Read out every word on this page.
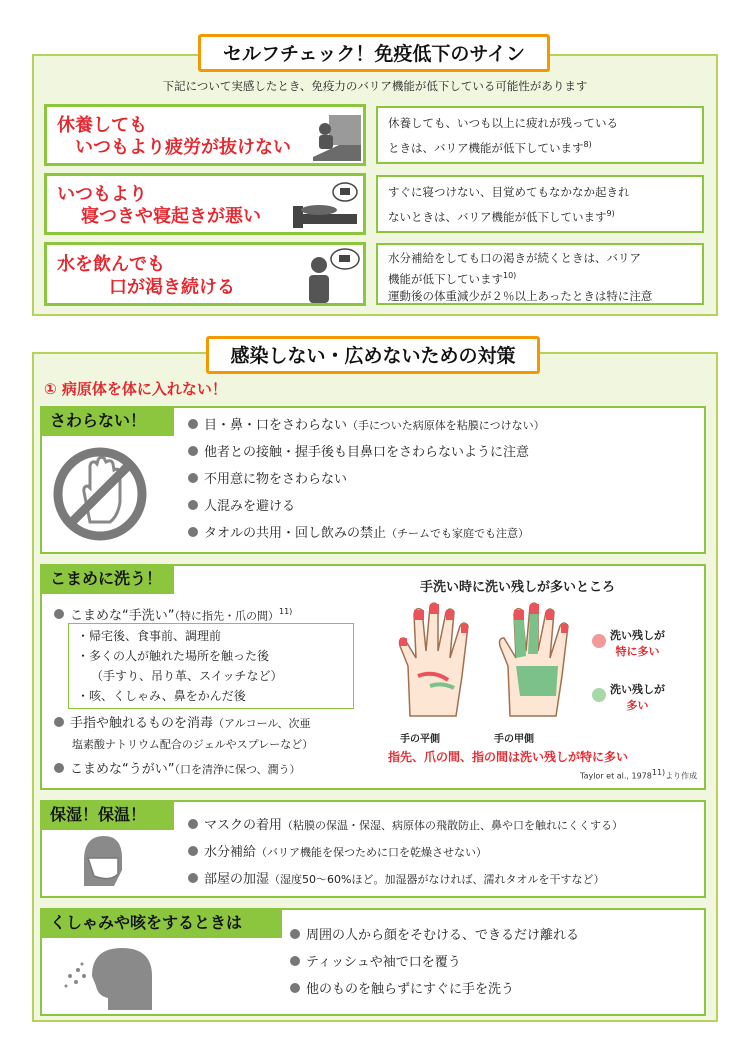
セルフチェック！免疫低下のサイン
下記について実感したとき、免疫力のバリア機能が低下している可能性があります
休養しても
いつもより疲労が抜けない
休養しても、いつも以上に疲れが残っている
ときは、バリア機能が低下しています$^{8)}$
いつもより
寝つきや寝起きが悪い
すぐに寝つけない、目覚めてもなかなか起きれ
ないときは、バリア機能が低下しています$^{9)}$
水を飲んでも
口が渇き続ける
水分補給をしても口の渇きが続くときは、バリア
機能が低下しています$^{10)}$
運動後の体重減少が２％以上あったときは特に注意
感染しない・広めないための対策
① 病原体を体に入れない！
さわらない！	目・鼻・口をさわらない（手についた病原体を粘膜につけない）
他者との接触・握手後も目鼻口をさわらないように注意
不用意に物をさわらない
人混みを避ける
タオルの共用・回し飲みの禁止（チームでも家庭でも注意）
こまめに洗う！
こまめな“手洗い”（特に指先・爪の間）$^{11)}$
・帰宅後、食事前、調理前
・多くの人が触れた場所を触った後
（手すり、吊り革、スイッチなど）
・咳、くしゃみ、鼻をかんだ後
手指や触れるものを消毒（アルコール、次亜
塩素酸ナトリウム配合のジェルやスプレーなど）
こまめな“うがい”（口を清浄に保つ、潤う）
手洗い時に洗い残しが多いところ
手の平側	手の甲側
洗い残しが
特に多い
洗い残しが
多い
指先、爪の間、指の間は洗い残しが特に多い
Taylor et al., 1978$^{11)}$より作成
保湿！保温！
マスクの着用（粘膜の保温・保湿、病原体の飛散防止、鼻や口を触れにくくする）
水分補給（バリア機能を保つために口を乾燥させない）
部屋の加湿（湿度50〜60%ほど。加湿器がなければ、濡れタオルを干すなど）
くしゃみや咳をするときは
周囲の人から顔をそむける、できるだけ離れる
ティッシュや袖で口を覆う
他のものを触らずにすぐに手を洗う
